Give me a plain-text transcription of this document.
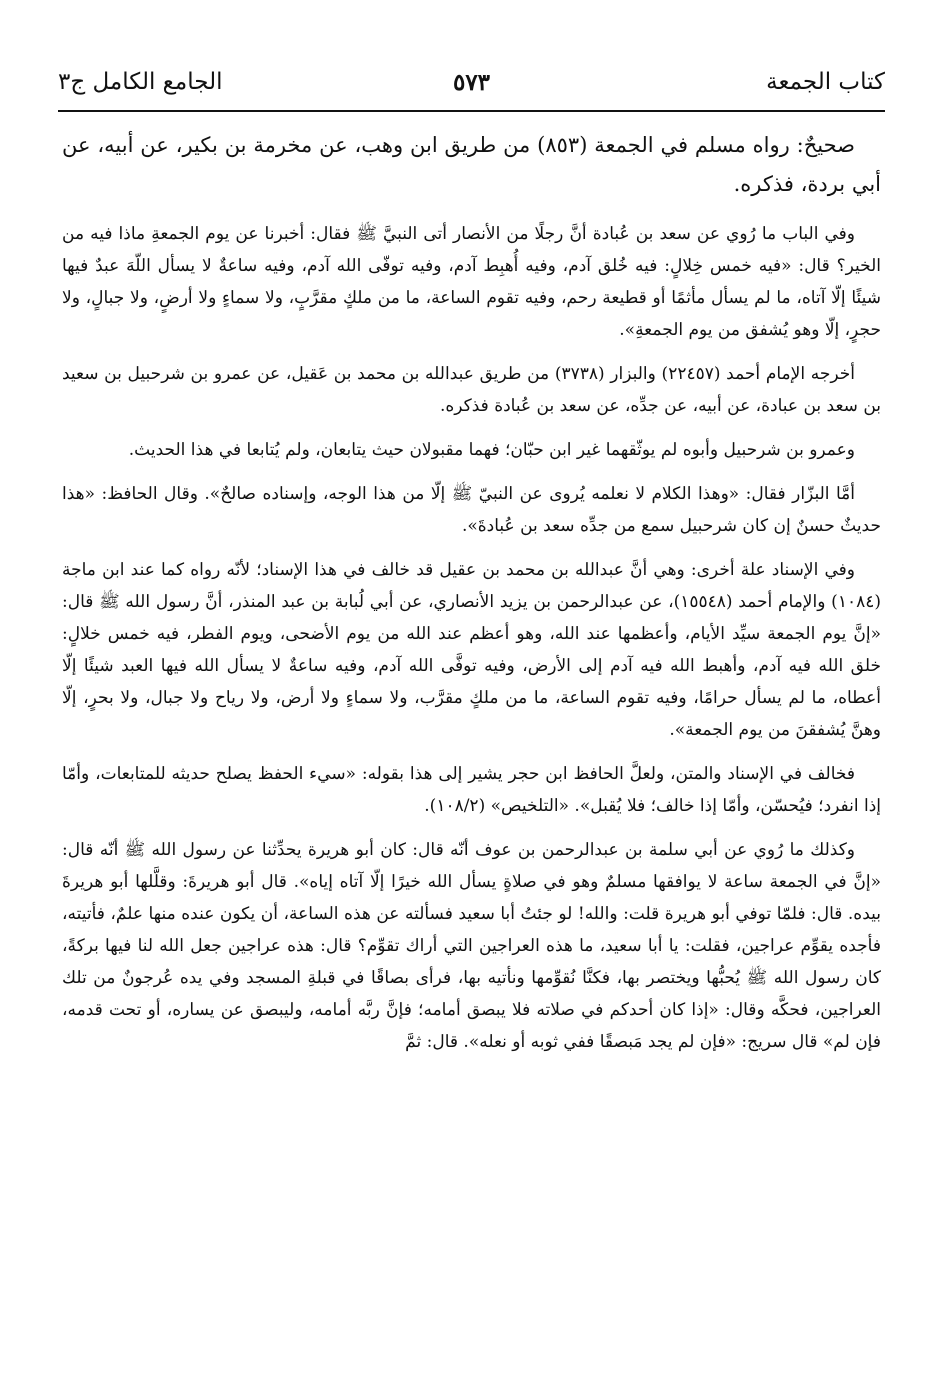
كتاب الجمعة
٥٧٣
الجامع الكامل ج٣

صحيحٌ: رواه مسلم في الجمعة (٨٥٣) من طريق ابن وهب، عن مخرمة بن بكير، عن أبيه، عن أبي بردة، فذكره.

وفي الباب ما رُوي عن سعد بن عُبادة أنَّ رجلًا من الأنصار أتى النبيَّ ﷺ فقال: أخبرنا عن يوم الجمعةِ ماذا فيه من الخير؟ قال: «فيه خمس خِلالٍ: فيه خُلق آدم، وفيه أُهبِط آدم، وفيه توفّى الله آدم، وفيه ساعةٌ لا يسأل اللّهَ عبدٌ فيها شيئًا إلّا آتاه، ما لم يسأل مأثمًا أو قطيعة رحم، وفيه تقوم الساعة، ما من ملكٍ مقرَّبٍ، ولا سماءٍ ولا أرضٍ، ولا جبالٍ، ولا حجرٍ، إلّا وهو يُشفق من يوم الجمعةِ».

أخرجه الإمام أحمد (٢٢٤٥٧) والبزار (٣٧٣٨) من طريق عبدالله بن محمد بن عَقيل، عن عمرو بن شرحبيل بن سعيد بن سعد بن عبادة، عن أبيه، عن جدِّه، عن سعد بن عُبادة فذكره.

وعمرو بن شرحبيل وأبوه لم يوثّقهما غير ابن حبّان؛ فهما مقبولان حيث يتابعان، ولم يُتابعا في هذا الحديث.

أمَّا البزّار فقال: «وهذا الكلام لا نعلمه يُروى عن النبيّ ﷺ إلّا من هذا الوجه، وإسناده صالحٌ». وقال الحافظ: «هذا حديثٌ حسنٌ إن كان شرحبيل سمع من جدِّه سعد بن عُبادةَ».

وفي الإسناد علة أخرى: وهي أنَّ عبدالله بن محمد بن عقيل قد خالف في هذا الإسناد؛ لأنّه رواه كما عند ابن ماجة (١٠٨٤) والإمام أحمد (١٥٥٤٨)، عن عبدالرحمن بن يزيد الأنصاري، عن أبي لُبابة بن عبد المنذر، أنَّ رسول الله ﷺ قال: «إنَّ يوم الجمعة سيِّد الأيام، وأعظمها عند الله، وهو أعظم عند الله من يوم الأضحى، ويوم الفطر، فيه خمس خلالٍ: خلق الله فيه آدم، وأهبط الله فيه آدم إلى الأرض، وفيه توفَّى الله آدم، وفيه ساعةٌ لا يسأل الله فيها العبد شيئًا إلّا أعطاه، ما لم يسأل حرامًا، وفيه تقوم الساعة، ما من ملكٍ مقرَّب، ولا سماءٍ ولا أرض، ولا رياح ولا جبال، ولا بحرٍ، إلّا وهنَّ يُشفقنَ من يوم الجمعة».

فخالف في الإسناد والمتن، ولعلَّ الحافظ ابن حجر يشير إلى هذا بقوله: «سيء الحفظ يصلح حديثه للمتابعات، وأمّا إذا انفرد؛ فيُحسّن، وأمّا إذا خالف؛ فلا يُقبل». «التلخيص» (١٠٨/٢).

وكذلك ما رُوي عن أبي سلمة بن عبدالرحمن بن عوف أنّه قال: كان أبو هريرة يحدِّثنا عن رسول الله ﷺ أنّه قال: «إنَّ في الجمعة ساعة لا يوافقها مسلمٌ وهو في صلاةٍ يسأل الله خيرًا إلّا آتاه إياه». قال أبو هريرةَ: وقلَّلها أبو هريرةَ بيده. قال: فلمّا توفي أبو هريرة قلت: والله! لو جئتُ أبا سعيد فسألته عن هذه الساعة، أن يكون عنده منها علمٌ، فأتيته، فأجده يقوِّم عراجين، فقلت: يا أبا سعيد، ما هذه العراجين التي أراك تقوِّم؟ قال: هذه عراجين جعل الله لنا فيها بركةً، كان رسول الله ﷺ يُحبُّها ويختصر بها، فكنَّا نُقوِّمها ونأتيه بها، فرأى بصاقًا في قبلةِ المسجد وفي يده عُرجونٌ من تلك العراجين، فحكَّه وقال: «إذا كان أحدكم في صلاته فلا يبصق أمامه؛ فإنَّ ربَّه أمامه، وليبصق عن يساره، أو تحت قدمه، فإن لم» قال سريج: «فإن لم يجد مَبصقًا ففي ثوبه أو نعله». قال: ثمَّ
